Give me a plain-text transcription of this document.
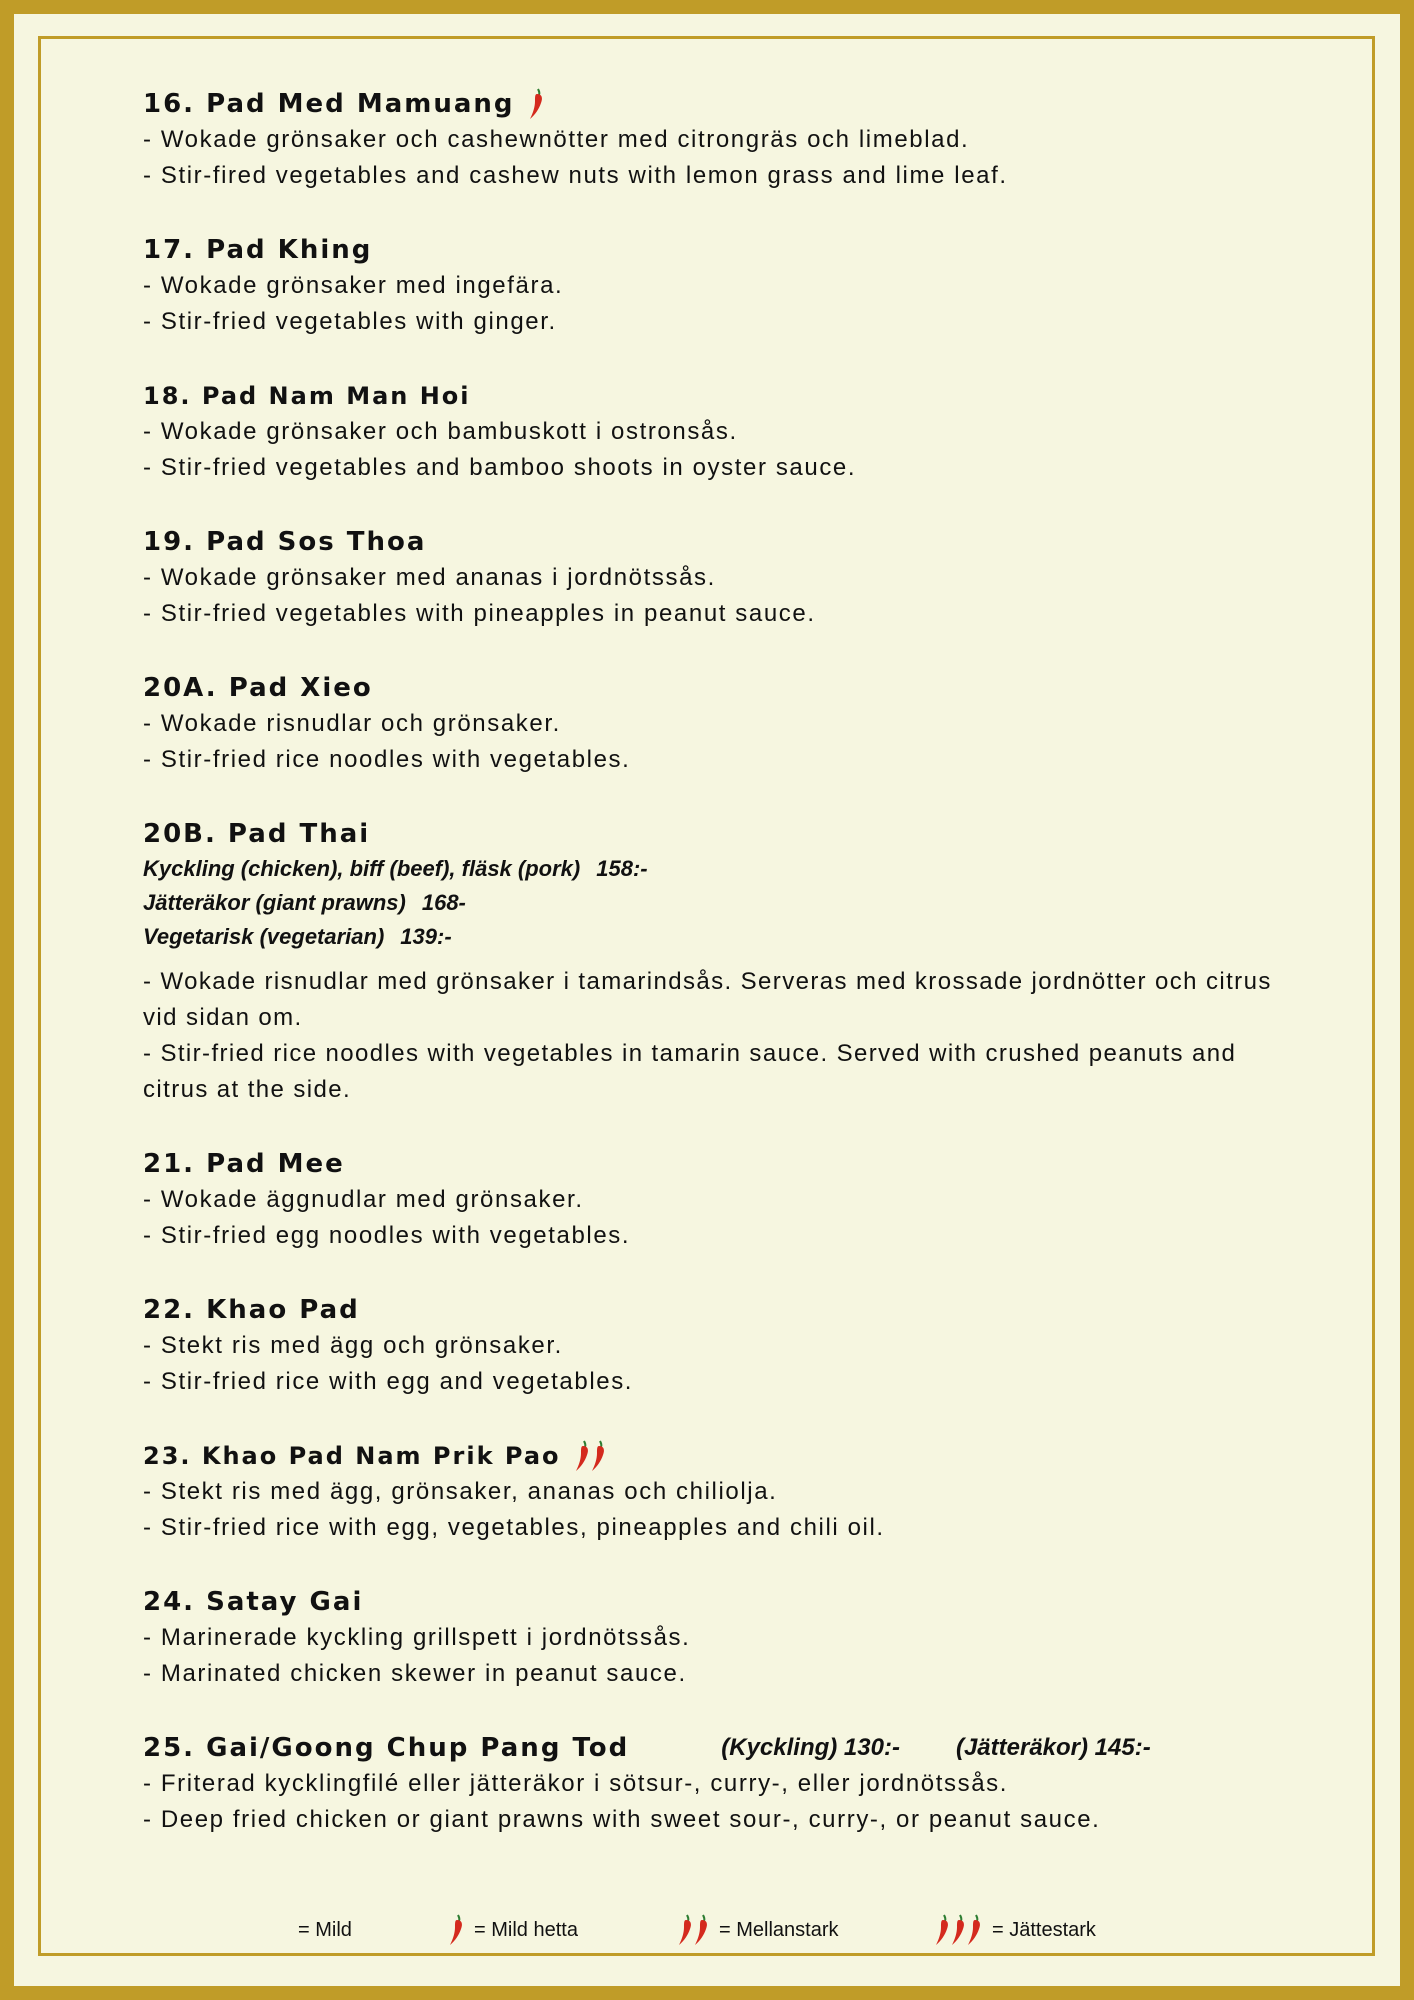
16. Pad Med Mamuang
- Wokade grönsaker och cashewnötter med citrongräs och limeblad.
- Stir-fired vegetables and cashew nuts with lemon grass and lime leaf.
17. Pad Khing
- Wokade grönsaker med ingefära.
- Stir-fried vegetables with ginger.
18. Pad Nam Man Hoi
- Wokade grönsaker och bambuskott i ostronsås.
- Stir-fried vegetables and bamboo shoots in oyster sauce.
19. Pad Sos Thoa
- Wokade grönsaker med ananas i jordnötssås.
- Stir-fried vegetables with pineapples in peanut sauce.
20A. Pad Xieo
- Wokade risnudlar och grönsaker.
- Stir-fried rice noodles with vegetables.
20B. Pad Thai
Kyckling (chicken), biff (beef), fläsk (pork) 158:-
Jätteräkor (giant prawns) 168-
Vegetarisk (vegetarian) 139:-

- Wokade risnudlar med grönsaker i tamarindsås. Serveras med krossade jordnötter och citrus vid sidan om.

- Stir-fried rice noodles with vegetables in tamarin sauce. Served with crushed peanuts and citrus at the side.

21. Pad Mee
- Wokade äggnudlar med grönsaker.
- Stir-fried egg noodles with vegetables.
22. Khao Pad
- Stekt ris med ägg och grönsaker.
- Stir-fried rice with egg and vegetables.
23. Khao Pad Nam Prik Pao
- Stekt ris med ägg, grönsaker, ananas och chiliolja.
- Stir-fried rice with egg, vegetables, pineapples and chili oil.
24. Satay Gai
- Marinerade kyckling grillspett i jordnötssås.
- Marinated chicken skewer in peanut sauce.
25. Gai/Goong Chup Pang Tod	(Kyckling) 130:- (Jätteräkor) 145:-
- Friterad kycklingfilé eller jätteräkor i sötsur-, curry-, eller jordnötssås.
- Deep fried chicken or giant prawns with sweet sour-, curry-, or peanut sauce.
= Mild	= Mild hetta	= Mellanstark	= Jättestark
